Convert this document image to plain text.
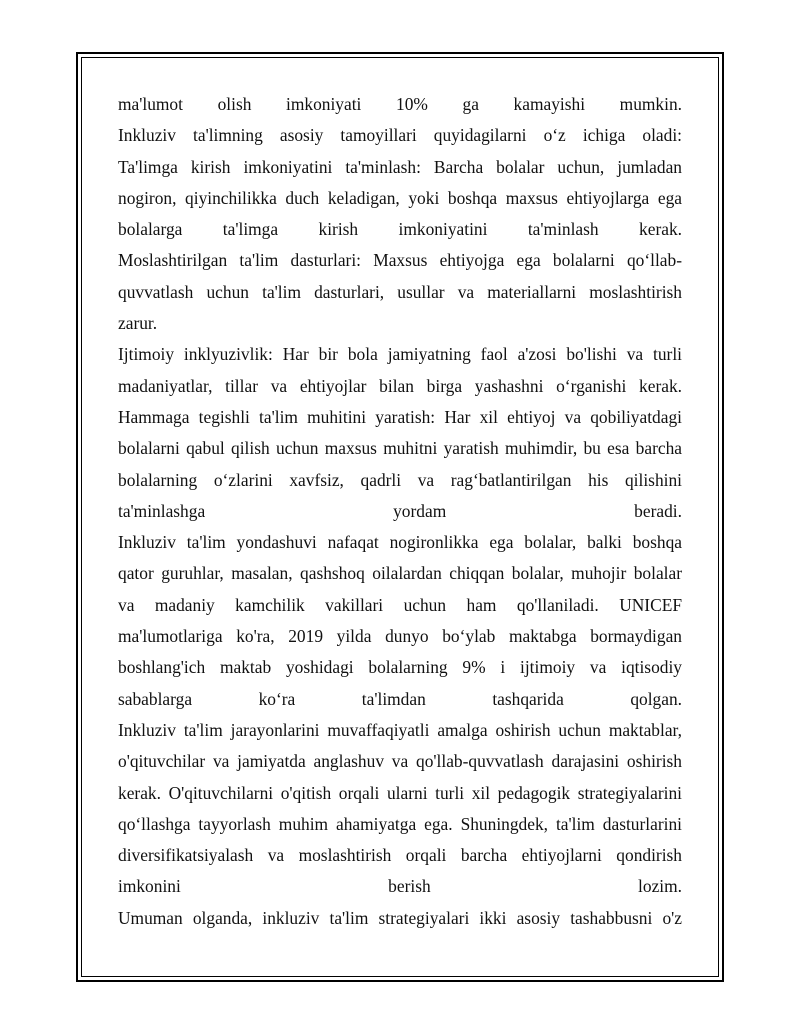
ma'lumot olish imkoniyati 10% ga kamayishi mumkin.
Inkluziv ta'limning asosiy tamoyillari quyidagilarni o‘z ichiga oladi:
Ta'limga kirish imkoniyatini ta'minlash: Barcha bolalar uchun, jumladan
nogiron, qiyinchilikka duch keladigan, yoki boshqa maxsus ehtiyojlarga ega
bolalarga ta'limga kirish imkoniyatini ta'minlash kerak.
Moslashtirilgan ta'lim dasturlari: Maxsus ehtiyojga ega bolalarni qo‘llab-
quvvatlash uchun ta'lim dasturlari, usullar va materiallarni moslashtirish
zarur.
Ijtimoiy inklyuzivlik: Har bir bola jamiyatning faol a'zosi bo'lishi va turli
madaniyatlar, tillar va ehtiyojlar bilan birga yashashni o‘rganishi kerak.
Hammaga tegishli ta'lim muhitini yaratish: Har xil ehtiyoj va qobiliyatdagi
bolalarni qabul qilish uchun maxsus muhitni yaratish muhimdir, bu esa barcha
bolalarning o‘zlarini xavfsiz, qadrli va rag‘batlantirilgan his qilishini
ta'minlashga yordam beradi.
Inkluziv ta'lim yondashuvi nafaqat nogironlikka ega bolalar, balki boshqa
qator guruhlar, masalan, qashshoq oilalardan chiqqan bolalar, muhojir bolalar
va madaniy kamchilik vakillari uchun ham qo'llaniladi. UNICEF
ma'lumotlariga ko'ra, 2019 yilda dunyo bo‘ylab maktabga bormaydigan
boshlang'ich maktab yoshidagi bolalarning 9% i ijtimoiy va iqtisodiy
sabablarga ko‘ra ta'limdan tashqarida qolgan.
Inkluziv ta'lim jarayonlarini muvaffaqiyatli amalga oshirish uchun maktablar,
o'qituvchilar va jamiyatda anglashuv va qo'llab-quvvatlash darajasini oshirish
kerak. O'qituvchilarni o'qitish orqali ularni turli xil pedagogik strategiyalarini
qo‘llashga tayyorlash muhim ahamiyatga ega. Shuningdek, ta'lim dasturlarini
diversifikatsiyalash va moslashtirish orqali barcha ehtiyojlarni qondirish
imkonini berish lozim.
Umuman olganda, inkluziv ta'lim strategiyalari ikki asosiy tashabbusni o'z
